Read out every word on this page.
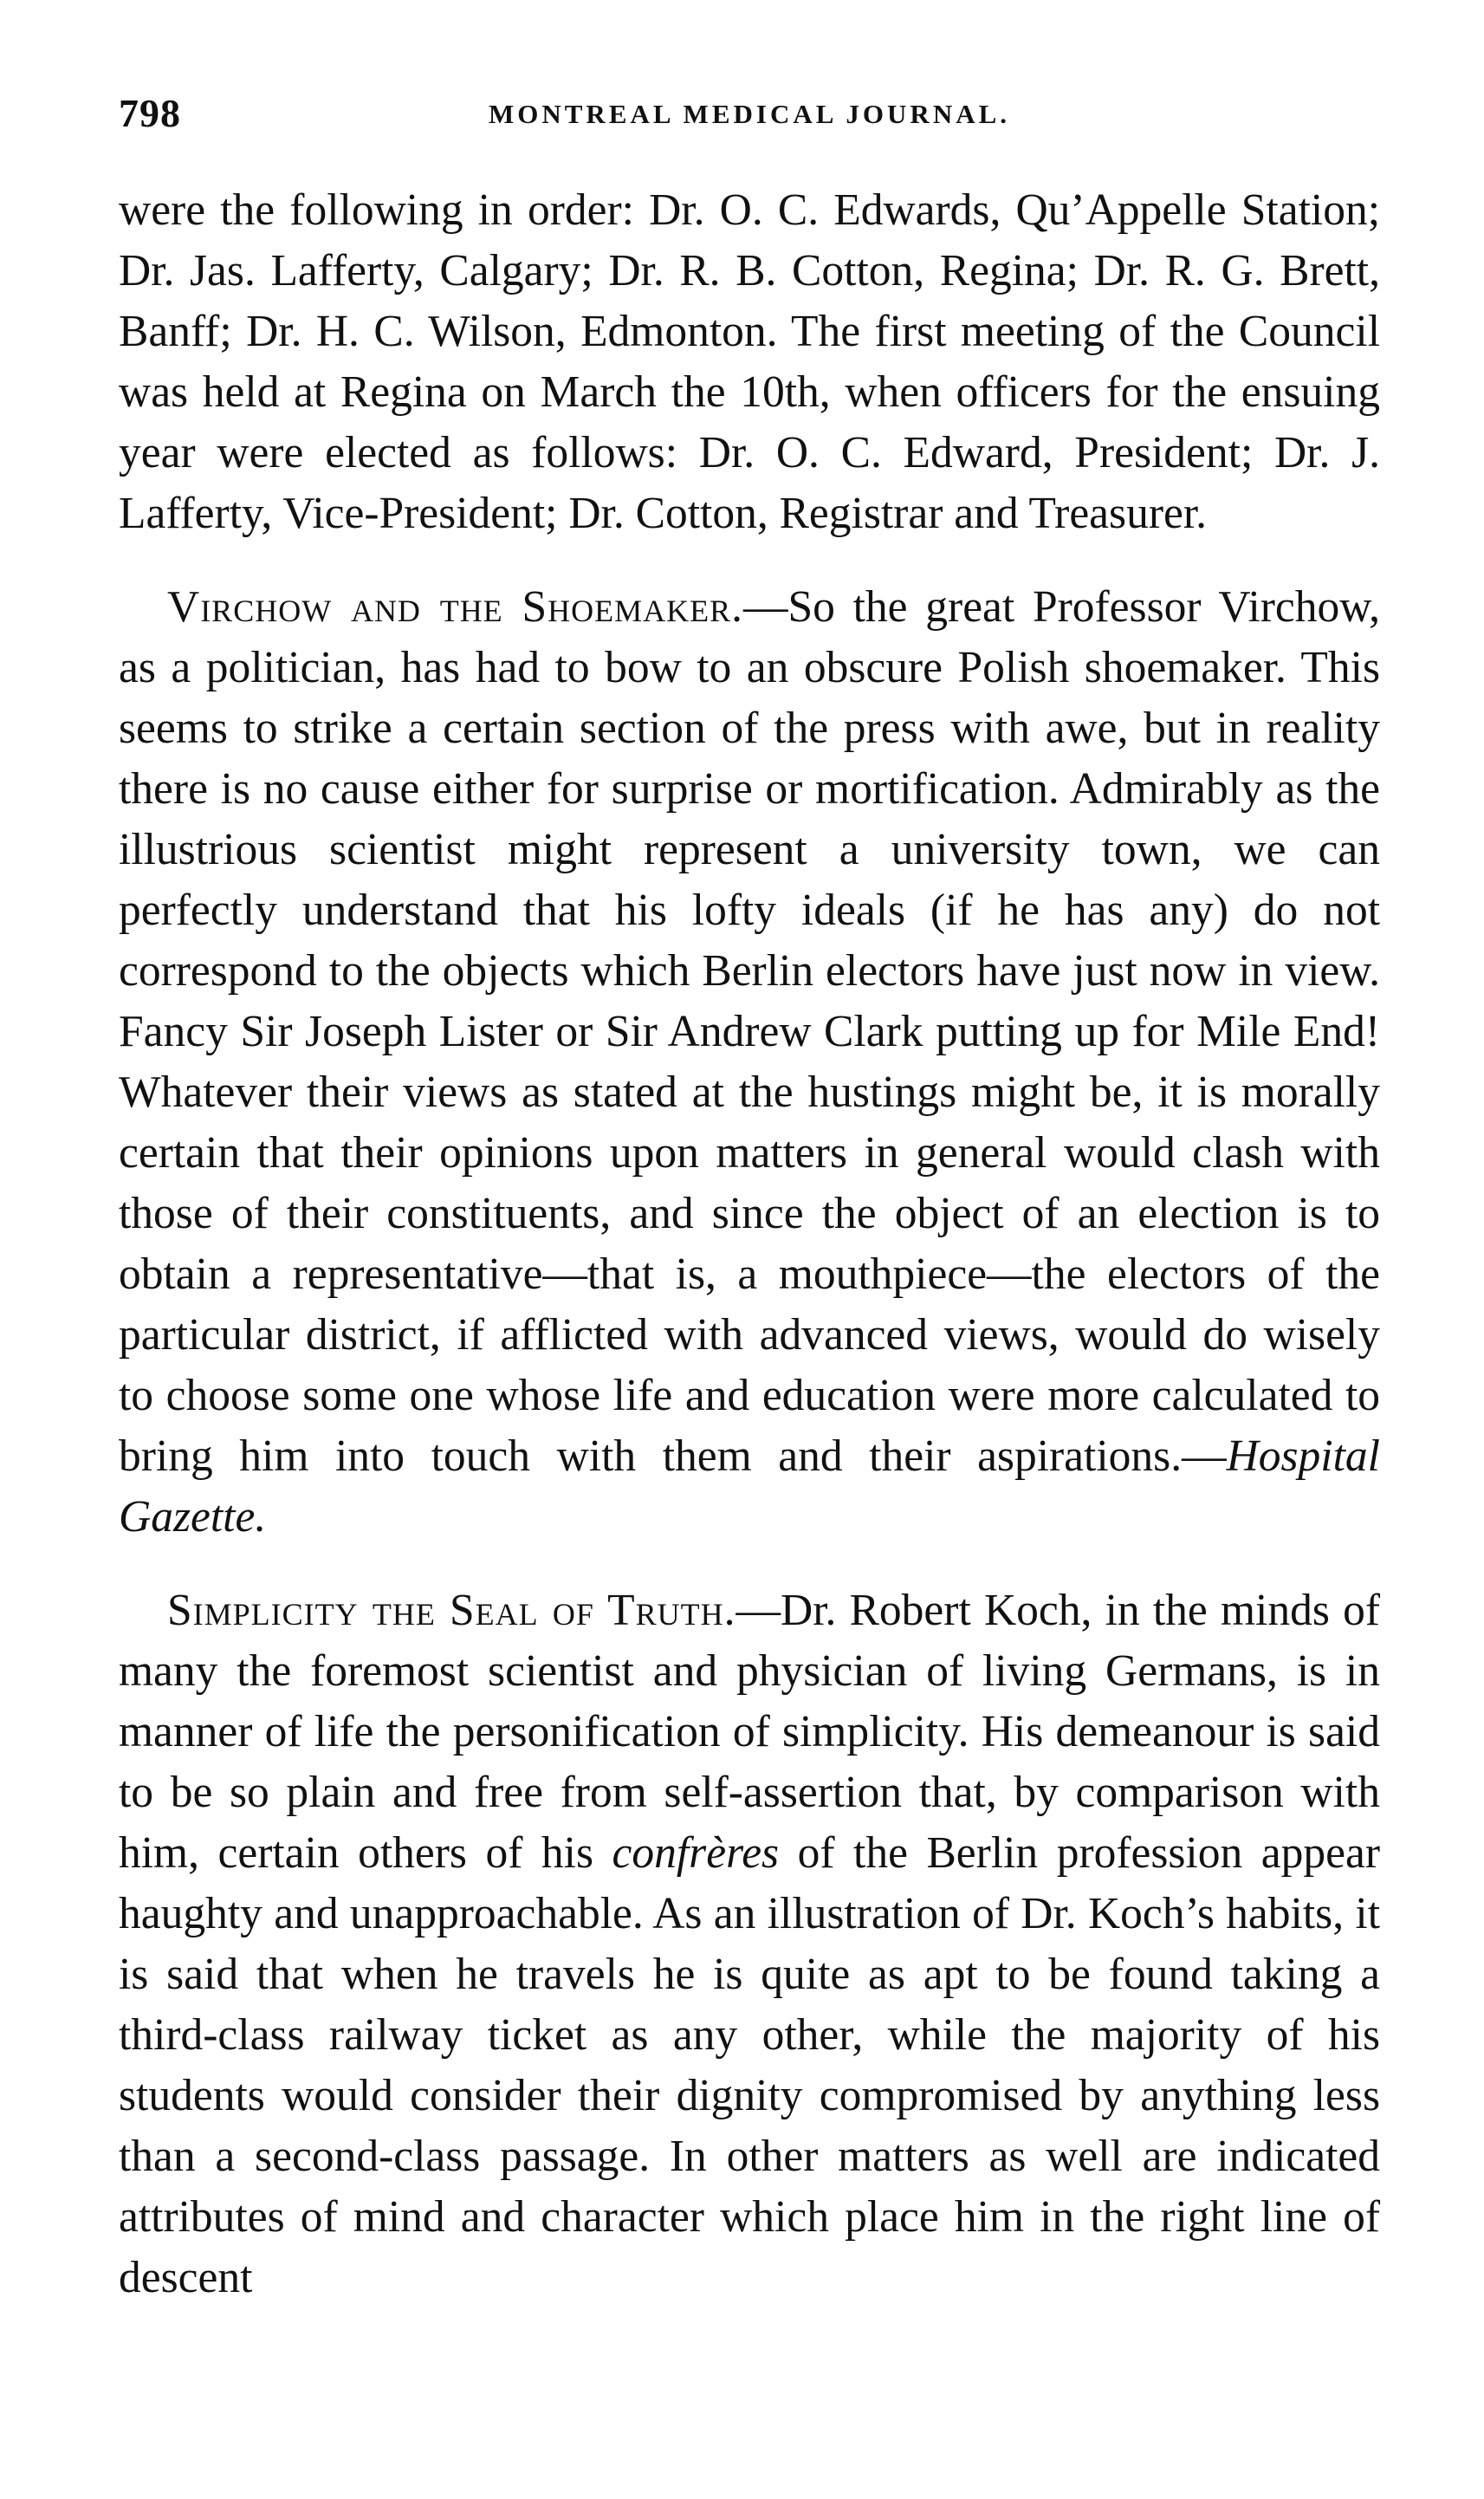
798	MONTREAL MEDICAL JOURNAL.

were the following in order: Dr. O. C. Edwards, Qu’Appelle Station; Dr. Jas. Lafferty, Calgary; Dr. R. B. Cotton, Regina; Dr. R. G. Brett, Banff; Dr. H. C. Wilson, Edmonton. The first meeting of the Council was held at Regina on March the 10th, when officers for the ensuing year were elected as follows: Dr. O. C. Edward, President; Dr. J. Lafferty, Vice-President; Dr. Cotton, Registrar and Treasurer.

Virchow and the Shoemaker.—So the great Professor Virchow, as a politician, has had to bow to an obscure Polish shoemaker. This seems to strike a certain section of the press with awe, but in reality there is no cause either for surprise or mortification. Admirably as the illustrious scientist might represent a university town, we can perfectly understand that his lofty ideals (if he has any) do not correspond to the objects which Berlin electors have just now in view. Fancy Sir Joseph Lister or Sir Andrew Clark putting up for Mile End! Whatever their views as stated at the hustings might be, it is morally certain that their opinions upon matters in general would clash with those of their constituents, and since the object of an election is to obtain a representative—that is, a mouthpiece—the electors of the particular district, if afflicted with advanced views, would do wisely to choose some one whose life and education were more calculated to bring him into touch with them and their aspirations.—Hospital Gazette.

Simplicity the Seal of Truth.—Dr. Robert Koch, in the minds of many the foremost scientist and physician of living Germans, is in manner of life the personification of simplicity. His demeanour is said to be so plain and free from self-assertion that, by comparison with him, certain others of his confrères of the Berlin profession appear haughty and unapproachable. As an illustration of Dr. Koch’s habits, it is said that when he travels he is quite as apt to be found taking a third-class railway ticket as any other, while the majority of his students would consider their dignity compromised by anything less than a second-class passage. In other matters as well are indicated attributes of mind and character which place him in the right line of descent
